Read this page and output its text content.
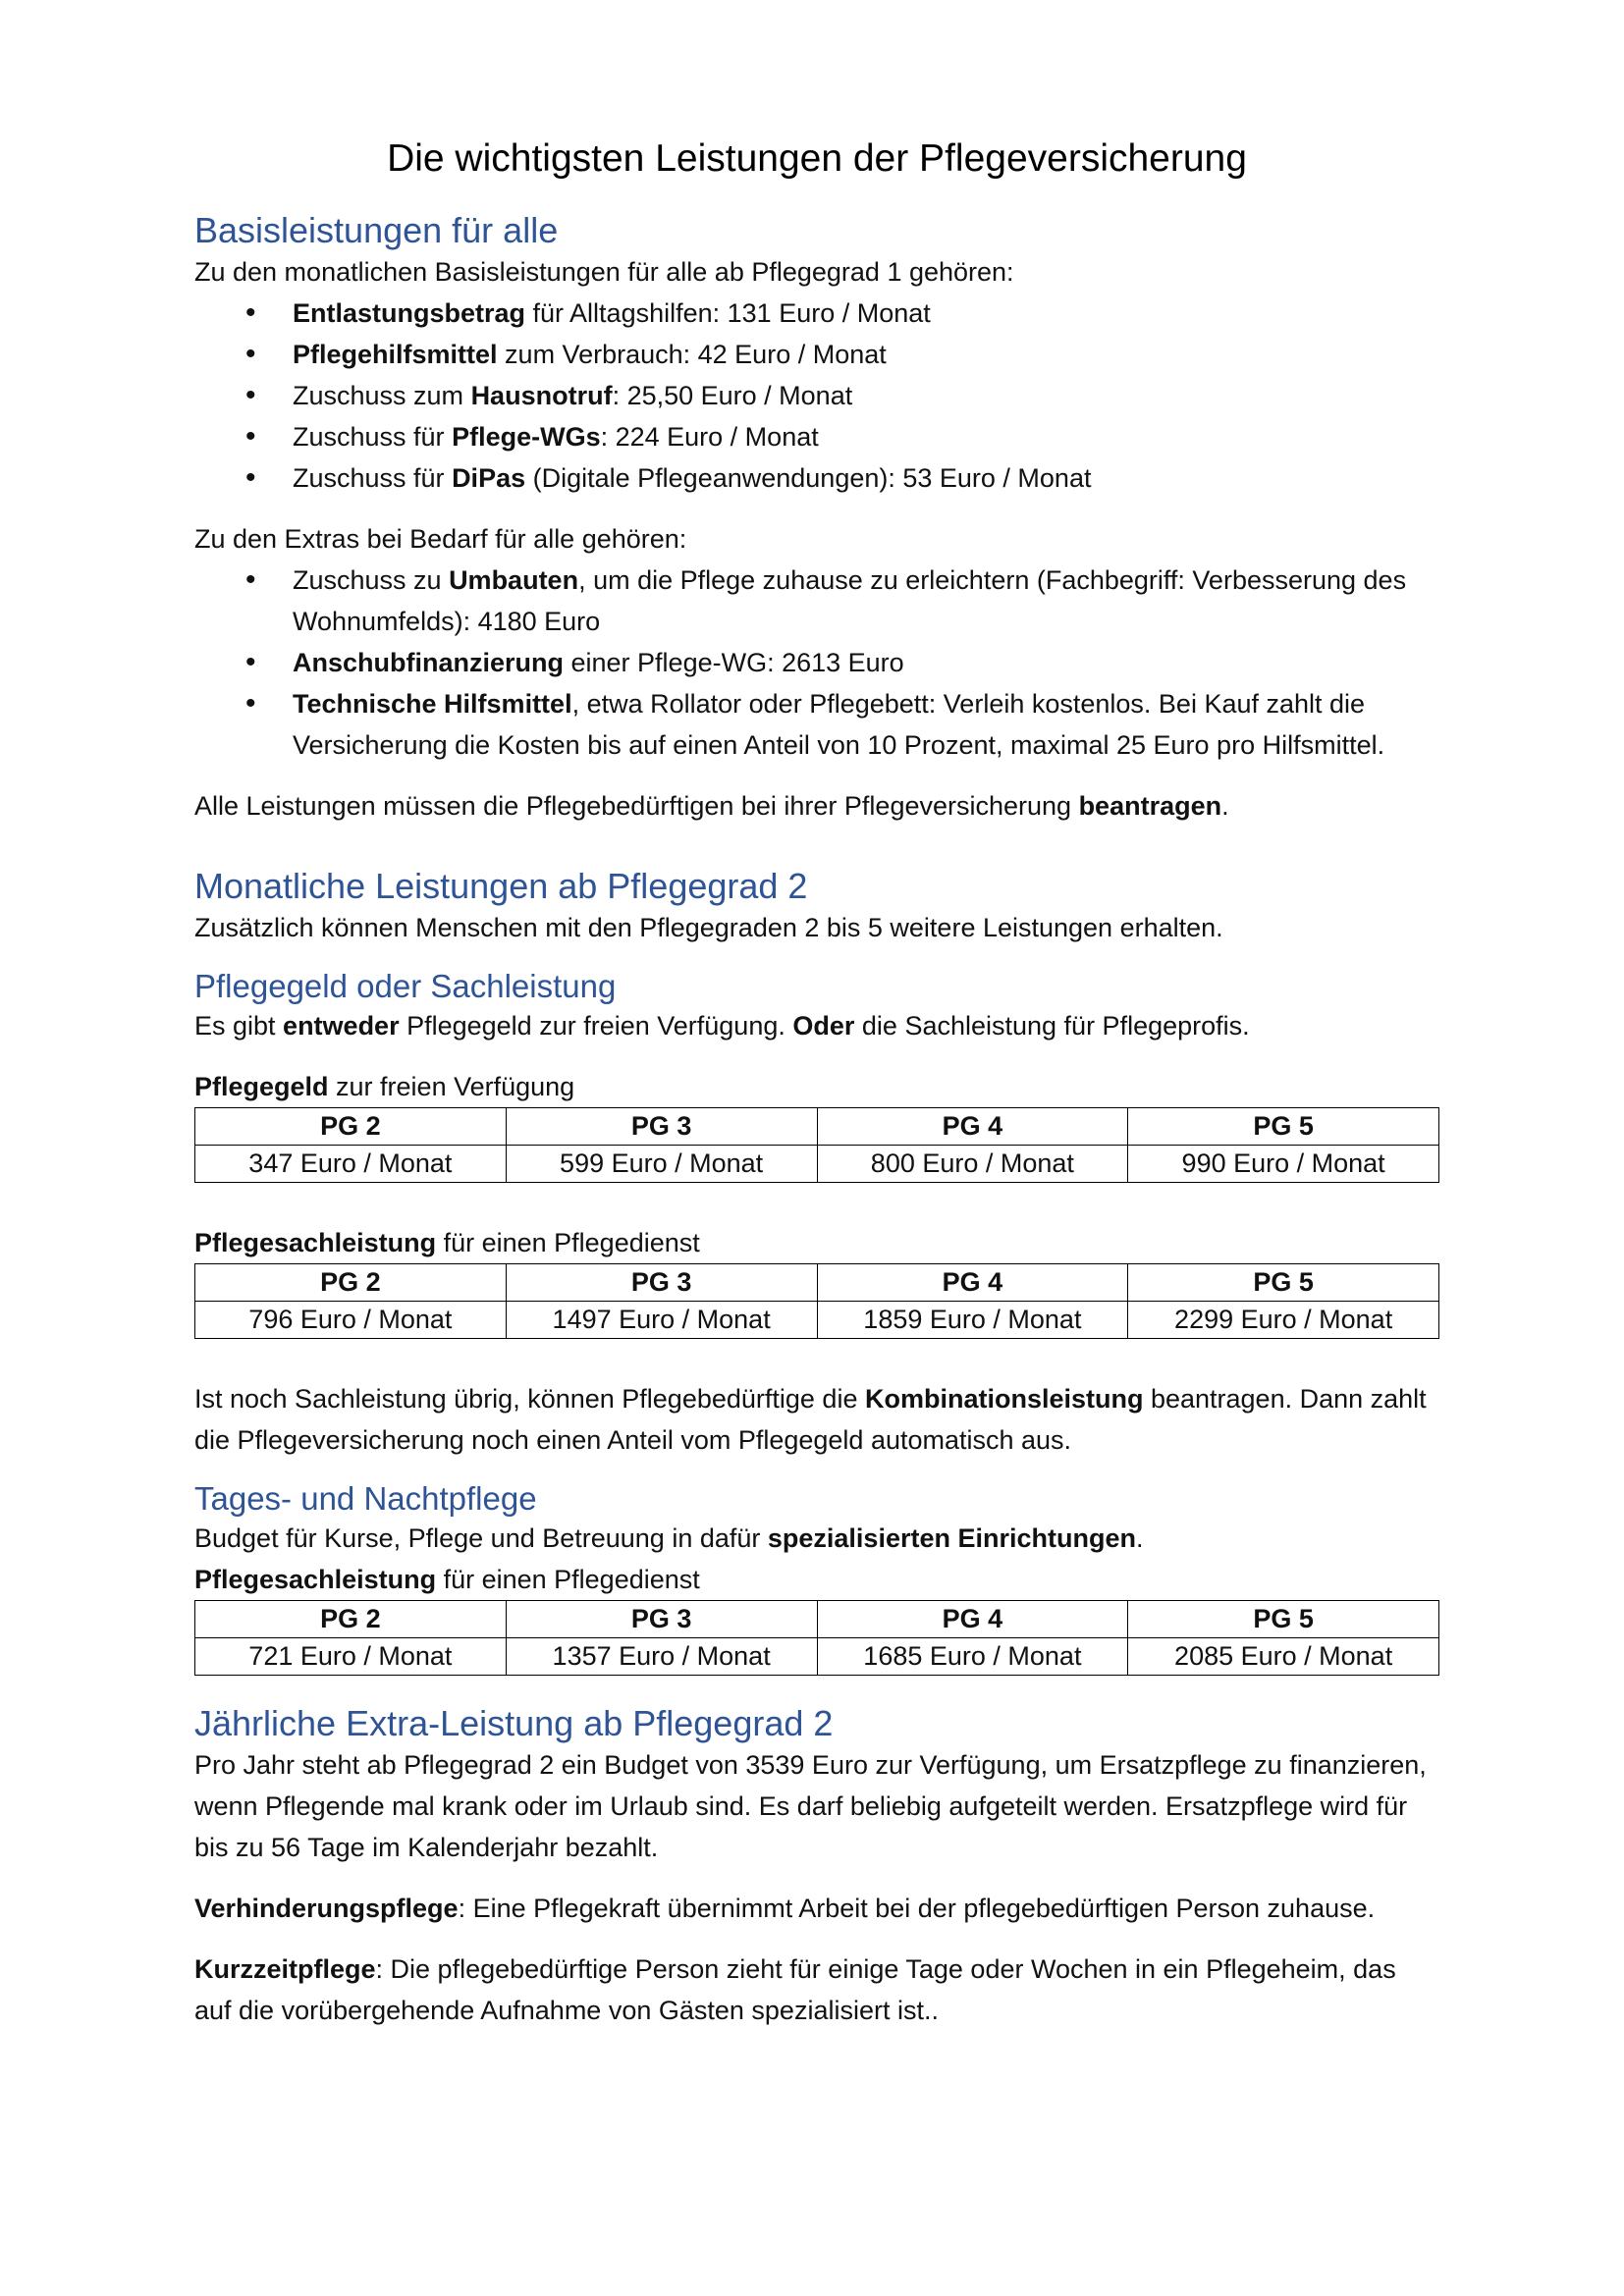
Die wichtigsten Leistungen der Pflegeversicherung
Basisleistungen für alle

Zu den monatlichen Basisleistungen für alle ab Pflegegrad 1 gehören:

• Entlastungsbetrag für Alltagshilfen: 131 Euro / Monat
• Pflegehilfsmittel zum Verbrauch: 42 Euro / Monat
• Zuschuss zum Hausnotruf: 25,50 Euro / Monat
• Zuschuss für Pflege-WGs: 224 Euro / Monat
• Zuschuss für DiPas (Digitale Pflegeanwendungen): 53 Euro / Monat

Zu den Extras bei Bedarf für alle gehören:

• Zuschuss zu Umbauten, um die Pflege zuhause zu erleichtern (Fachbegriff: Verbesserung des Wohnumfelds): 4180 Euro
• Anschubfinanzierung einer Pflege-WG: 2613 Euro
• Technische Hilfsmittel, etwa Rollator oder Pflegebett: Verleih kostenlos. Bei Kauf zahlt die Versicherung die Kosten bis auf einen Anteil von 10 Prozent, maximal 25 Euro pro Hilfsmittel.

Alle Leistungen müssen die Pflegebedürftigen bei ihrer Pflegeversicherung beantragen.

Monatliche Leistungen ab Pflegegrad 2

Zusätzlich können Menschen mit den Pflegegraden 2 bis 5 weitere Leistungen erhalten.

Pflegegeld oder Sachleistung

Es gibt entweder Pflegegeld zur freien Verfügung. Oder die Sachleistung für Pflegeprofis.

Pflegegeld zur freien Verfügung

PG 2	PG 3	PG 4	PG 5
347 Euro / Monat	599 Euro / Monat	800 Euro / Monat	990 Euro / Monat

Pflegesachleistung für einen Pflegedienst

PG 2	PG 3	PG 4	PG 5
796 Euro / Monat	1497 Euro / Monat	1859 Euro / Monat	2299 Euro / Monat

Ist noch Sachleistung übrig, können Pflegebedürftige die Kombinationsleistung beantragen. Dann zahlt die Pflegeversicherung noch einen Anteil vom Pflegegeld automatisch aus.

Tages- und Nachtpflege

Budget für Kurse, Pflege und Betreuung in dafür spezialisierten Einrichtungen.

Pflegesachleistung für einen Pflegedienst

PG 2	PG 3	PG 4	PG 5
721 Euro / Monat	1357 Euro / Monat	1685 Euro / Monat	2085 Euro / Monat
Jährliche Extra-Leistung ab Pflegegrad 2

Pro Jahr steht ab Pflegegrad 2 ein Budget von 3539 Euro zur Verfügung, um Ersatzpflege zu finanzieren, wenn Pflegende mal krank oder im Urlaub sind. Es darf beliebig aufgeteilt werden. Ersatzpflege wird für bis zu 56 Tage im Kalenderjahr bezahlt.

Verhinderungspflege: Eine Pflegekraft übernimmt Arbeit bei der pflegebedürftigen Person zuhause.

Kurzzeitpflege: Die pflegebedürftige Person zieht für einige Tage oder Wochen in ein Pflegeheim, das auf die vorübergehende Aufnahme von Gästen spezialisiert ist..
